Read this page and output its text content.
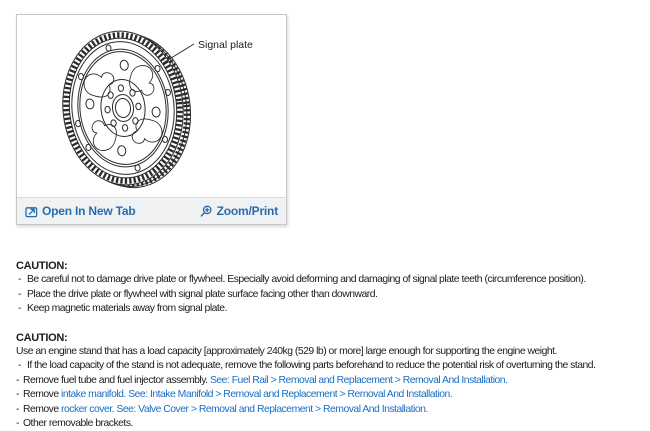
Signal plate
Open In New Tab	Zoom/Print
CAUTION:
- Be careful not to damage drive plate or flywheel. Especially avoid deforming and damaging of signal plate teeth (circumference position).
- Place the drive plate or flywheel with signal plate surface facing other than downward.
- Keep magnetic materials away from signal plate.
CAUTION:
Use an engine stand that has a load capacity [approximately 240kg (529 lb) or more] large enough for supporting the engine weight.
- If the load capacity of the stand is not adequate, remove the following parts beforehand to reduce the potential risk of overturning the stand.
- Remove fuel tube and fuel injector assembly. See: Fuel Rail > Removal and Replacement > Removal And Installation.
- Remove intake manifold. See: Intake Manifold > Removal and Replacement > Removal And Installation.
- Remove rocker cover. See: Valve Cover > Removal and Replacement > Removal And Installation.
- Other removable brackets.
